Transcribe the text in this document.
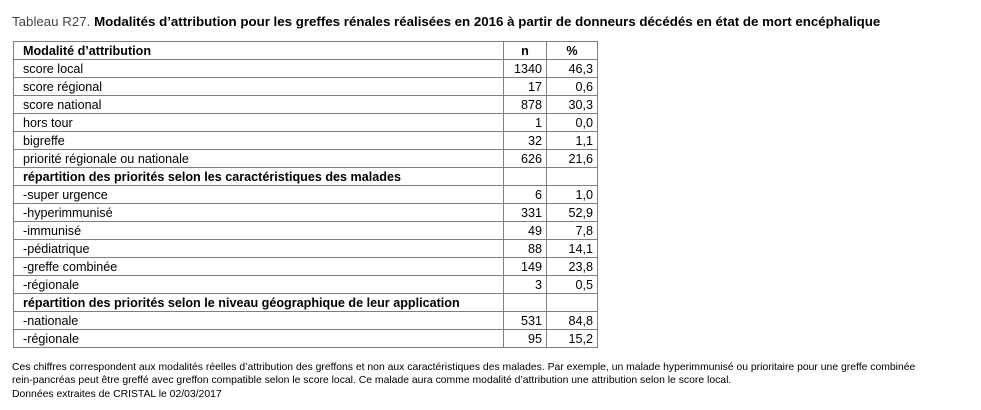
Tableau R27. Modalités d’attribution pour les greffes rénales réalisées en 2016 à partir de donneurs décédés en état de mort encéphalique
Modalité d’attribution	n	%
score local	1340	46,3
score régional	17	0,6
score national	878	30,3
hors tour	1	0,0
bigreffe	32	1,1
priorité régionale ou nationale	626	21,6
répartition des priorités selon les caractéristiques des malades		
-super urgence	6	1,0
-hyperimmunisé	331	52,9
-immunisé	49	7,8
-pédiatrique	88	14,1
-greffe combinée	149	23,8
-régionale	3	0,5
répartition des priorités selon le niveau géographique de leur application		
-nationale	531	84,8
-régionale	95	15,2
Ces chiffres correspondent aux modalités réelles d’attribution des greffons et non aux caractéristiques des malades. Par exemple, un malade hyperimmunisé ou prioritaire pour une greffe combinée
rein-pancréas peut être greffé avec greffon compatible selon le score local. Ce malade aura comme modalité d’attribution une attribution selon le score local.
Données extraites de CRISTAL le 02/03/2017
